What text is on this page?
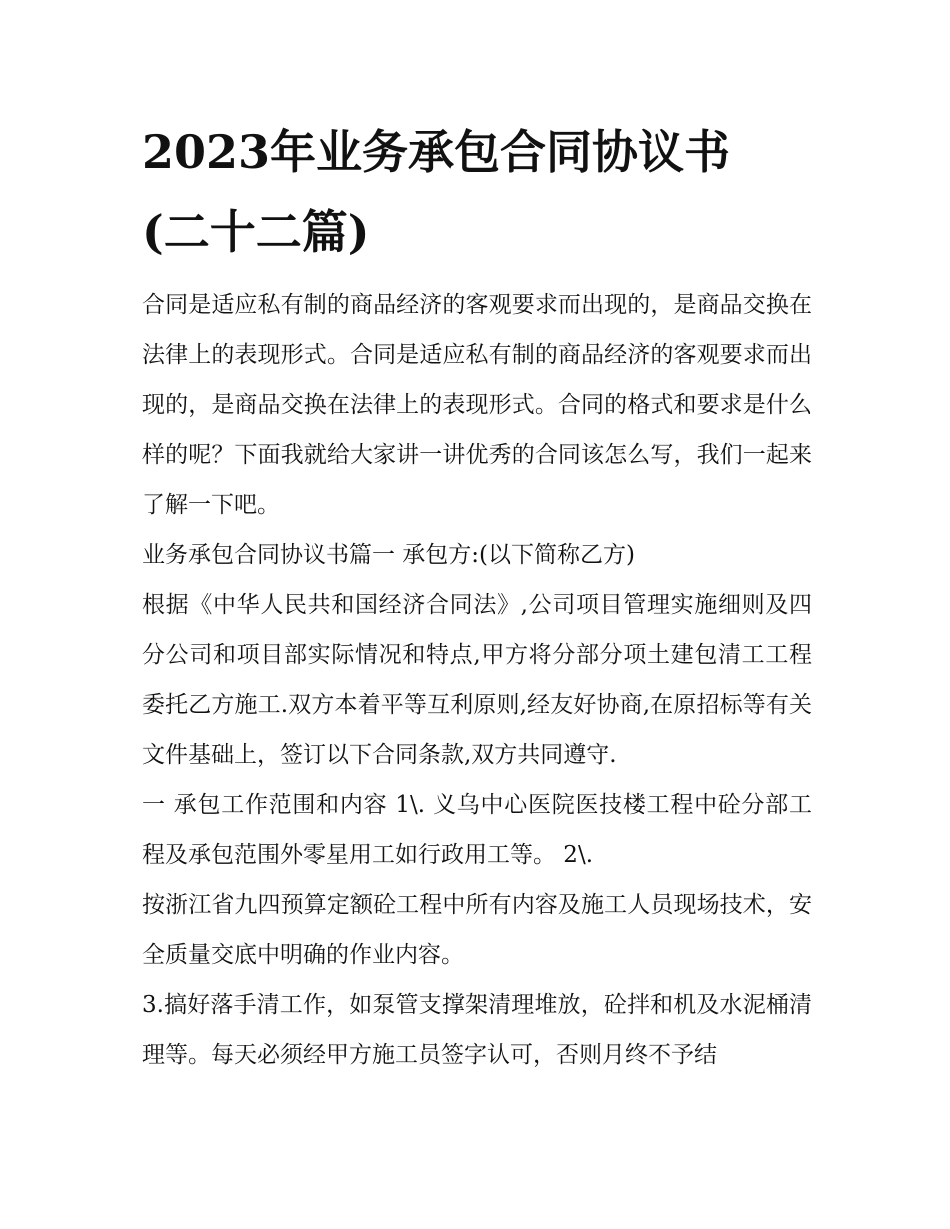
2023年业务承包合同协议书
(二十二篇)

合同是适应私有制的商品经济的客观要求而出现的，是商品交换在法律上的表现形式。合同是适应私有制的商品经济的客观要求而出现的，是商品交换在法律上的表现形式。合同的格式和要求是什么样的呢？下面我就给大家讲一讲优秀的合同该怎么写，我们一起来了解一下吧。

业务承包合同协议书篇一 承包方:(以下简称乙方)

根据《中华人民共和国经济合同法》,公司项目管理实施细则及四分公司和项目部实际情况和特点,甲方将分部分项土建包清工工程委托乙方施工.双方本着平等互利原则,经友好协商,在原招标等有关文件基础上，签订以下合同条款,双方共同遵守.

一 承包工作范围和内容 1\. 义乌中心医院医技楼工程中砼分部工程及承包范围外零星用工如行政用工等。 2\.

按浙江省九四预算定额砼工程中所有内容及施工人员现场技术，安全质量交底中明确的作业内容。

3.搞好落手清工作，如泵管支撑架清理堆放，砼拌和机及水泥桶清理等。每天必须经甲方施工员签字认可，否则月终不予结
